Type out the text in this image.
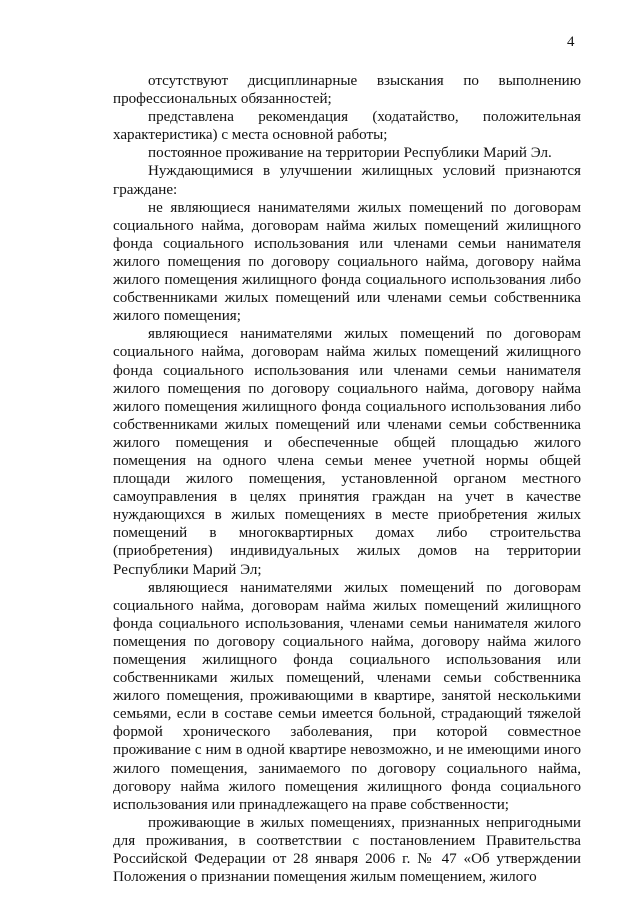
4

отсутствуют дисциплинарные взыскания по выполнению профессиональных обязанностей;

представлена рекомендация (ходатайство, положительная характеристика) с места основной работы;

постоянное проживание на территории Республики Марий Эл.

Нуждающимися в улучшении жилищных условий признаются граждане:

не являющиеся нанимателями жилых помещений по договорам социального найма, договорам найма жилых помещений жилищного фонда социального использования или членами семьи нанимателя жилого помещения по договору социального найма, договору найма жилого помещения жилищного фонда социального использования либо собственниками жилых помещений или членами семьи собственника жилого помещения;

являющиеся нанимателями жилых помещений по договорам социального найма, договорам найма жилых помещений жилищного фонда социального использования или членами семьи нанимателя жилого помещения по договору социального найма, договору найма жилого помещения жилищного фонда социального использования либо собственниками жилых помещений или членами семьи собственника жилого помещения и обеспеченные общей площадью жилого помещения на одного члена семьи менее учетной нормы общей площади жилого помещения, установленной органом местного самоуправления в целях принятия граждан на учет в качестве нуждающихся в жилых помещениях в месте приобретения жилых помещений в многоквартирных домах либо строительства (приобретения) индивидуальных жилых домов на территории Республики Марий Эл;

являющиеся нанимателями жилых помещений по договорам социального найма, договорам найма жилых помещений жилищного фонда социального использования, членами семьи нанимателя жилого помещения по договору социального найма, договору найма жилого помещения жилищного фонда социального использования или собственниками жилых помещений, членами семьи собственника жилого помещения, проживающими в квартире, занятой несколькими семьями, если в составе семьи имеется больной, страдающий тяжелой формой хронического заболевания, при которой совместное проживание с ним в одной квартире невозможно, и не имеющими иного жилого помещения, занимаемого по договору социального найма, договору найма жилого помещения жилищного фонда социального использования или принадлежащего на праве собственности;

проживающие в жилых помещениях, признанных непригодными для проживания, в соответствии с постановлением Правительства Российской Федерации от 28 января 2006 г. № 47 «Об утверждении Положения о признании помещения жилым помещением, жилого
